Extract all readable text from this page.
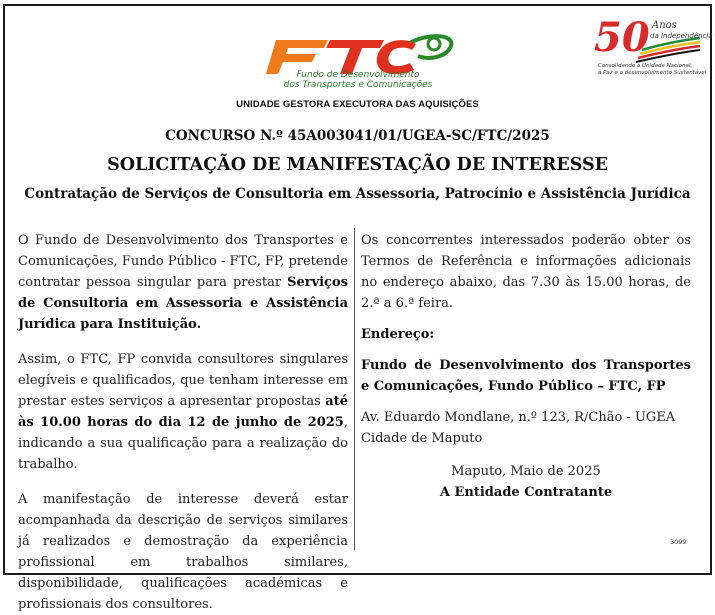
Fundo de Desenvolvimento
dos Transportes e Comunicações
50 Anos
da Independência
Consolidando a Unidade Nacional,
a Paz e o desenvolvimento Sustentável
UNIDADE GESTORA EXECUTORA DAS AQUISIÇÕES
CONCURSO N.º 45A003041/01/UGEA-SC/FTC/2025
SOLICITAÇÃO DE MANIFESTAÇÃO DE INTERESSE
Contratação de Serviços de Consultoria em Assessoria, Patrocínio e Assistência Jurídica

O Fundo de Desenvolvimento dos Transportes e Comunicações, Fundo Público - FTC, FP, pretende contratar pessoa singular para prestar Serviços de Consultoria em Assessoria e Assistência Jurídica para Instituição.

Assim, o FTC, FP convida consultores singulares elegíveis e qualificados, que tenham interesse em prestar estes serviços a apresentar propostas até às 10.00 horas do dia 12 de junho de 2025, indicando a sua qualificação para a realização do trabalho.

A manifestação de interesse deverá estar acompanhada da descrição de serviços similares já realizados e demostração da experiência profissional em trabalhos similares, disponibilidade, qualificações académicas e profissionais dos consultores.

Os concorrentes interessados poderão obter os Termos de Referência e informações adicionais no endereço abaixo, das 7.30 às 15.00 horas, de 2.ª a 6.ª feira.

Endereço:

Fundo de Desenvolvimento dos Transportes e Comunicações, Fundo Público – FTC, FP

Av. Eduardo Mondlane, n.º 123, R/Chão - UGEA
Cidade de Maputo

Maputo, Maio de 2025

A Entidade Contratante

3099
